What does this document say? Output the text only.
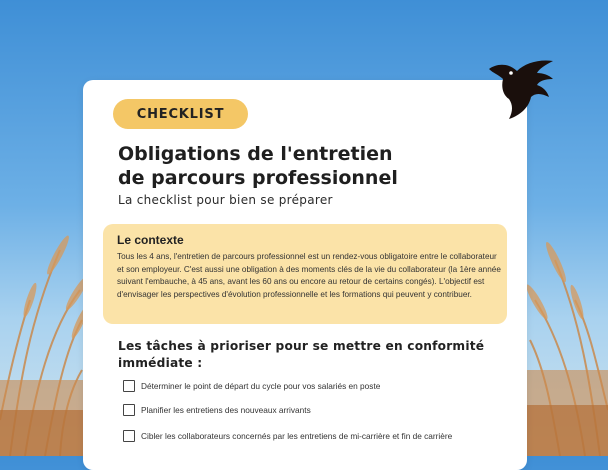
CHECKLIST
Obligations de l'entretien
de parcours professionnel
La checklist pour bien se préparer
Le contexte
Tous les 4 ans, l'entretien de parcours professionnel est un rendez-vous obligatoire entre le collaborateur et son employeur. C'est aussi une obligation à des moments clés de la vie du collaborateur (la 1ère année suivant l'embauche, à 45 ans, avant les 60 ans ou encore au retour de certains congés). L'objectif est d'envisager les perspectives d'évolution professionnelle et les formations qui peuvent y contribuer.
Les tâches à prioriser pour se mettre en conformité immédiate :
Déterminer le point de départ du cycle pour vos salariés en poste
Planifier les entretiens des nouveaux arrivants
Cibler les collaborateurs concernés par les entretiens de mi-carrière et fin de carrière
